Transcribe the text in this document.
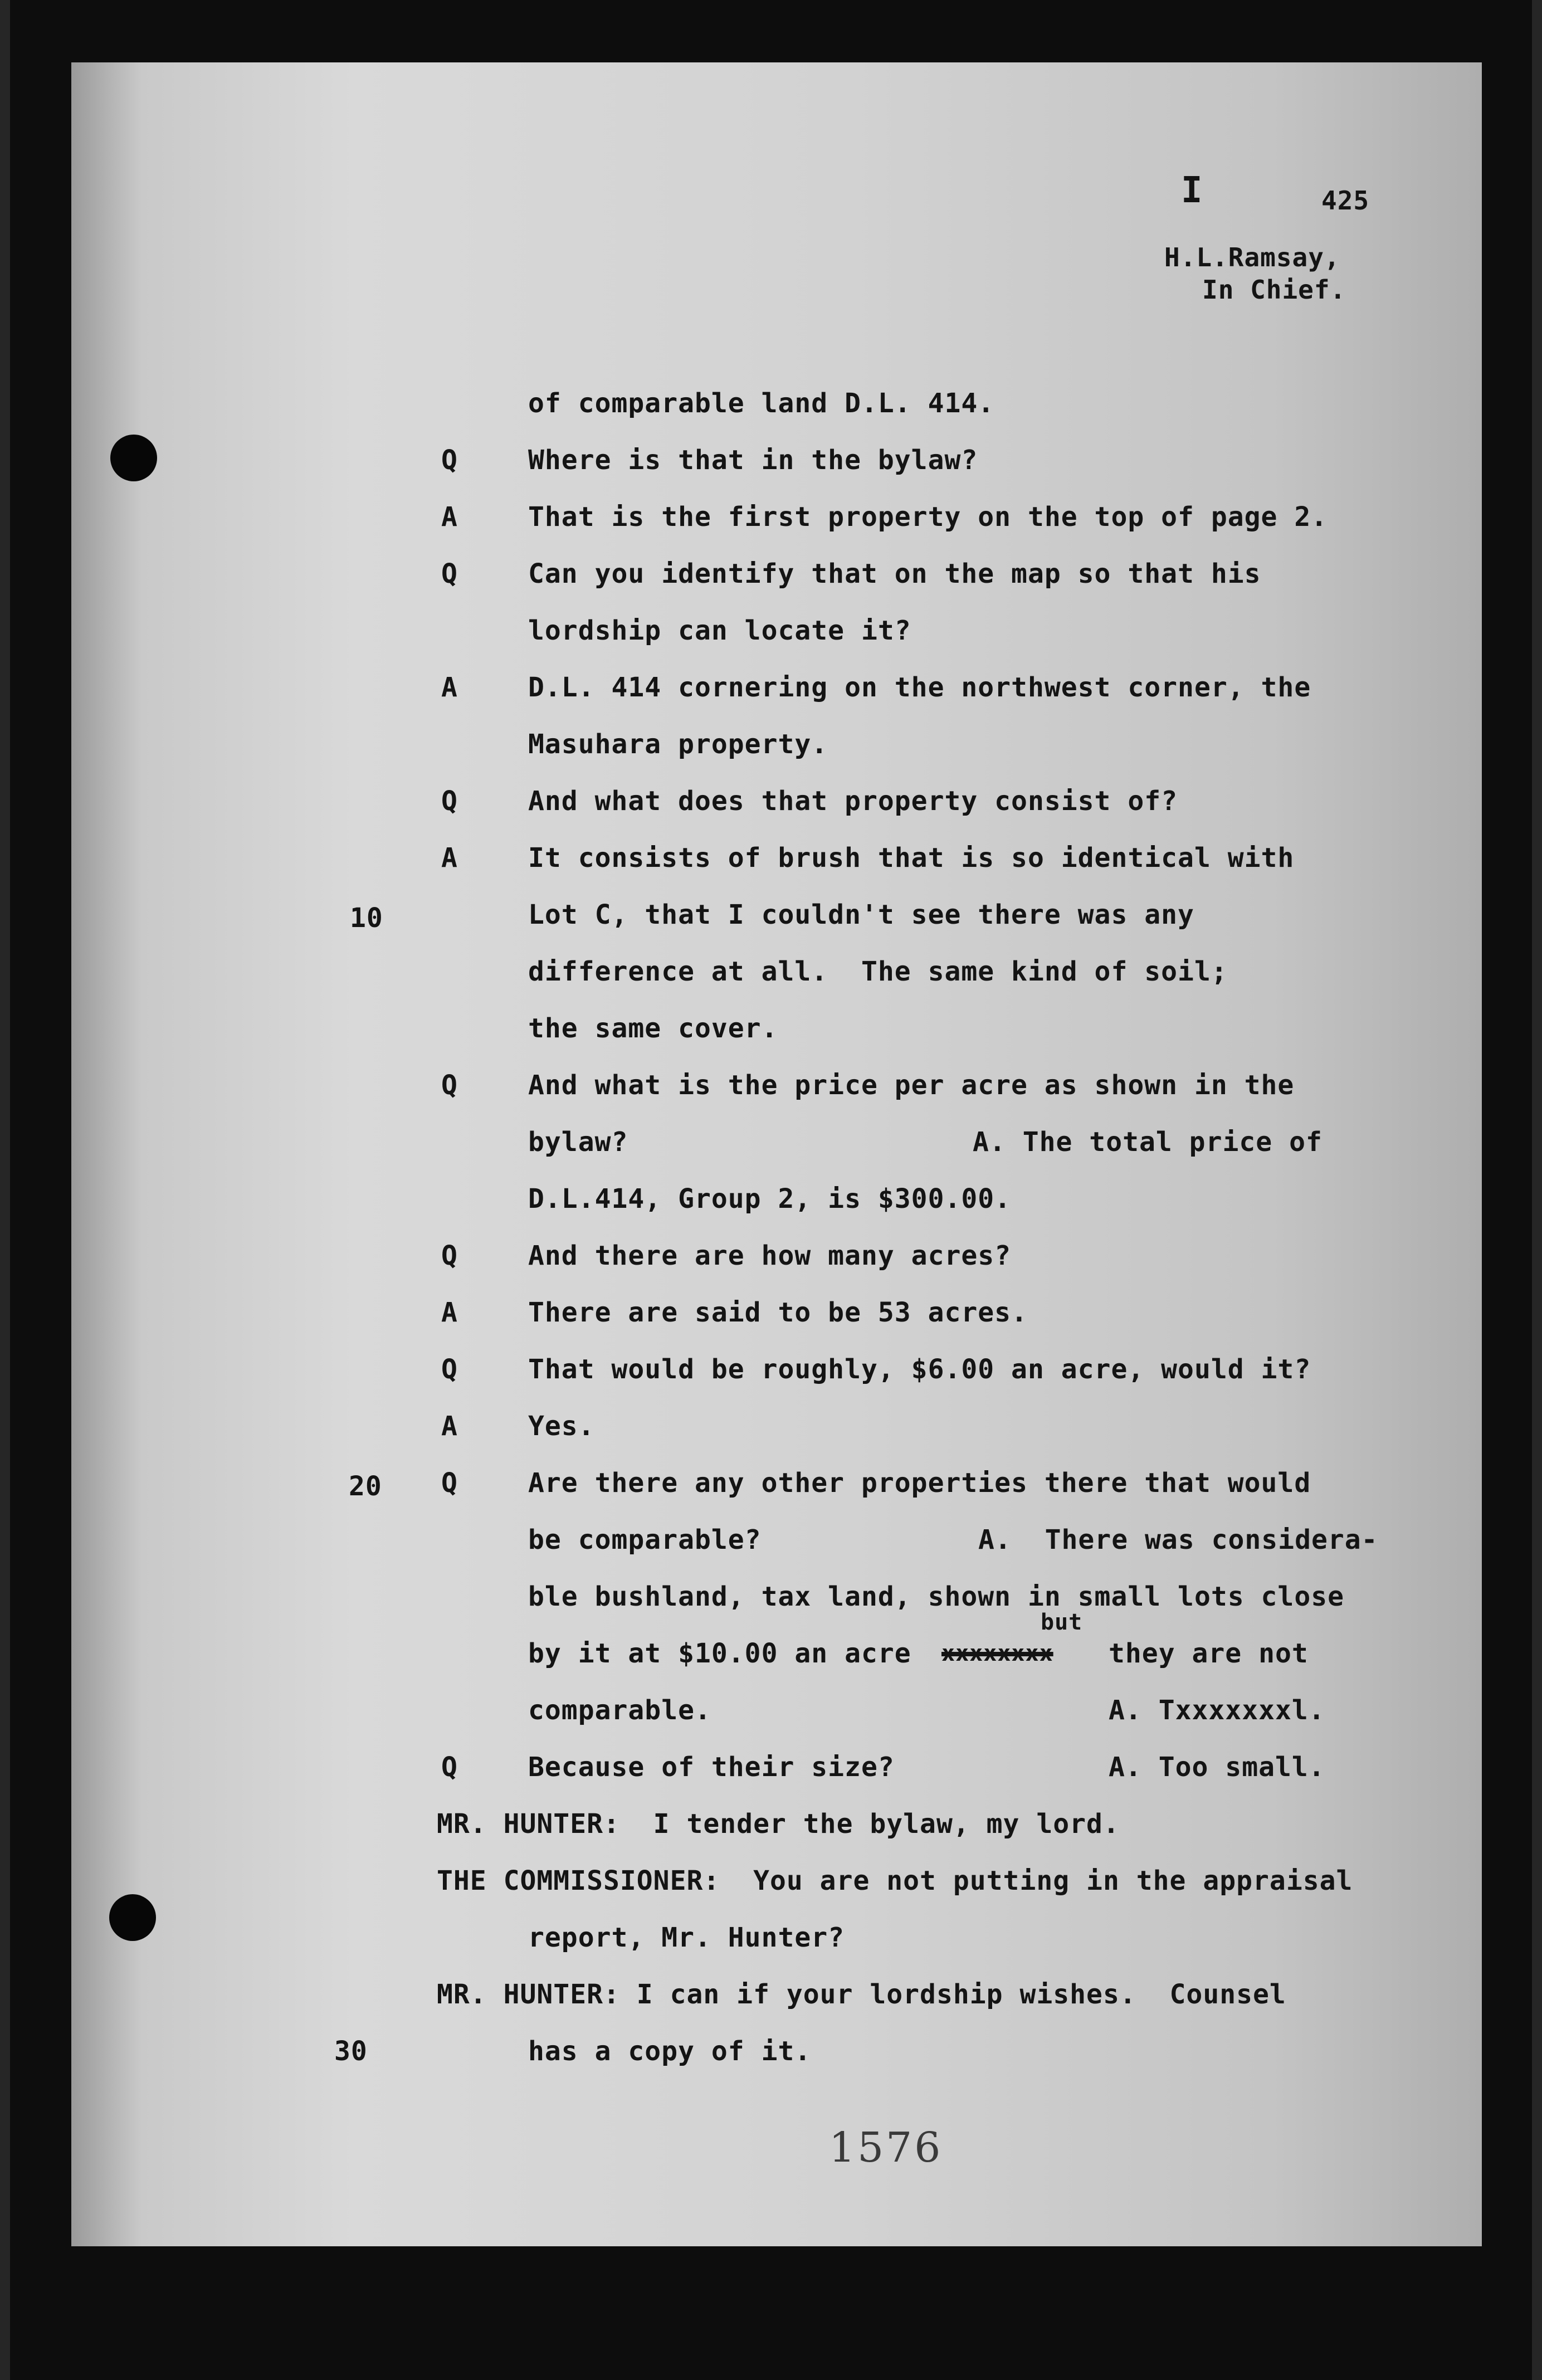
I	425
H.L.Ramsay,
In Chief.
10
20
30
of comparable land D.L. 414.
Q	Where is that in the bylaw?
A	That is the first property on the top of page 2.
Q	Can you identify that on the map so that his
lordship can locate it?
A	D.L. 414 cornering on the northwest corner, the
Masuhara property.
Q	And what does that property consist of?
A	It consists of brush that is so identical with
Lot C, that I couldn't see there was any
difference at all.  The same kind of soil;
the same cover.
Q	And what is the price per acre as shown in the
bylaw?	A. The total price of
D.L.414, Group 2, is $300.00.
Q	And there are how many acres?
A	There are said to be 53 acres.
Q	That would be roughly, $6.00 an acre, would it?
A	Yes.
Q	Are there any other properties there that would
be comparable?	A.  There was considera-
ble bushland, tax land, shown in small lots close
but
by it at $10.00 an acre xxxxxxxx they are not
comparable.	A. Txxxxxxxl.
Q	Because of their size?	A. Too small.
MR. HUNTER:  I tender the bylaw, my lord.
THE COMMISSIONER:  You are not putting in the appraisal
report, Mr. Hunter?
MR. HUNTER: I can if your lordship wishes.  Counsel
has a copy of it.
1576
